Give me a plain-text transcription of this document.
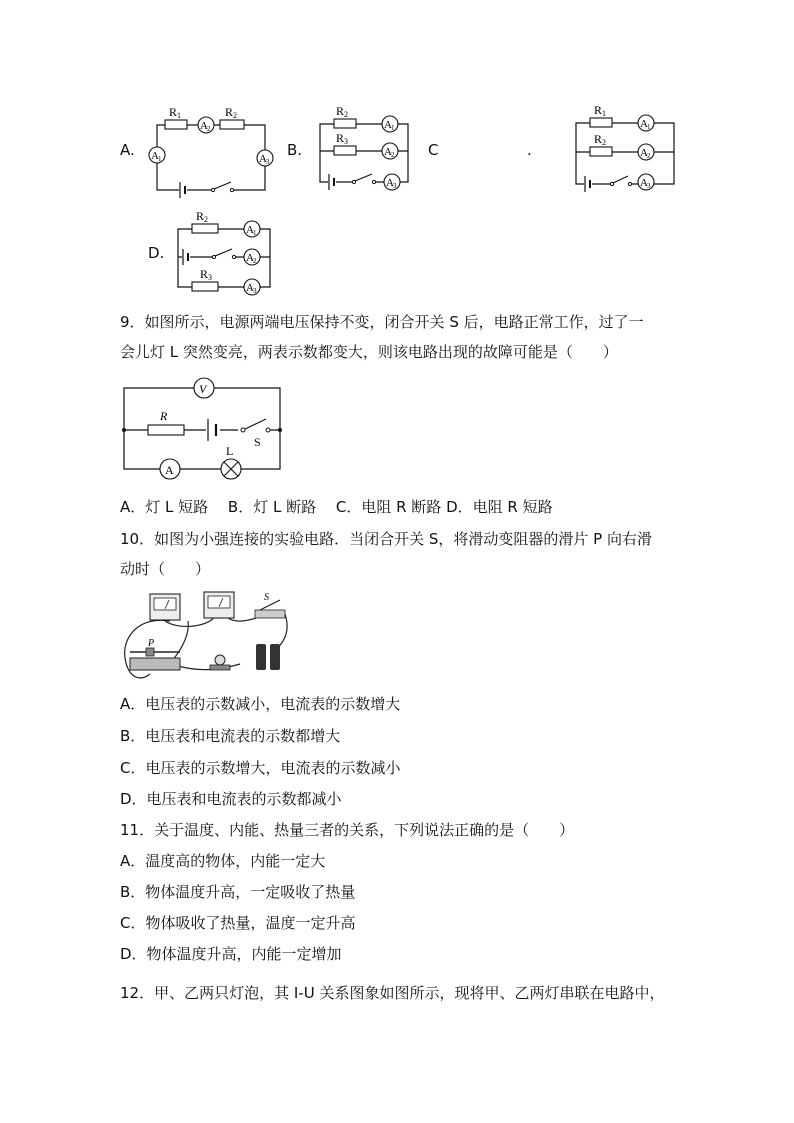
A.
A 2
A 1	A 3
R 1	R 2
B.
A 1
A 2
A 3
R 2
R 3	C	.
A 1
A 2
A 3
R 1
R 2
D.
A 1
A 2
A 3
R 2
R 3
9．如图所示，电源两端电压保持不变，闭合开关 S 后，电路正常工作，过了一
会儿灯 L 突然变亮，两表示数都变大，则该电路出现的故障可能是（　　）
V
R
S
A
L
A．灯 L 短路　 B．灯 L 断路　 C．电阻 R 断路 D．电阻 R 短路
10．如图为小强连接的实验电路．当闭合开关 S，将滑动变阻器的滑片 P 向右滑
动时（　　）
S
P
A．电压表的示数减小，电流表的示数增大
B．电压表和电流表的示数都增大
C．电压表的示数增大，电流表的示数减小
D．电压表和电流表的示数都减小
11．关于温度、内能、热量三者的关系，下列说法正确的是（　　）
A．温度高的物体，内能一定大
B．物体温度升高，一定吸收了热量
C．物体吸收了热量，温度一定升高
D．物体温度升高，内能一定增加
12．甲、乙两只灯泡，其 I-U 关系图象如图所示，现将甲、乙两灯串联在电路中，
